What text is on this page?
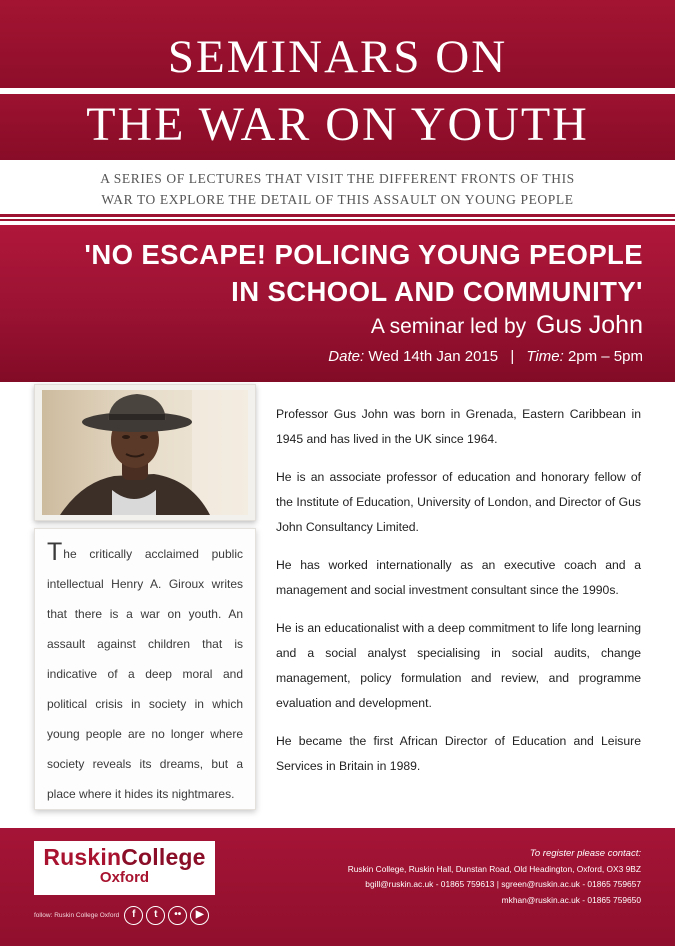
SEMINARS ON
THE WAR ON YOUTH
A SERIES OF LECTURES THAT VISIT THE DIFFERENT FRONTS OF THIS
WAR TO EXPLORE THE DETAIL OF THIS ASSAULT ON YOUNG PEOPLE
'NO ESCAPE! POLICING YOUNG PEOPLE
IN SCHOOL AND COMMUNITY'
A seminar led by Gus John
Date: Wed 14th Jan 2015 | Time: 2pm – 5pm

The critically acclaimed public intellectual Henry A. Giroux writes that there is a war on youth. An assault against children that is indicative of a deep moral and political crisis in society in which young people are no longer where society reveals its dreams, but a place where it hides its nightmares.

Professor Gus John was born in Grenada, Eastern Caribbean in 1945 and has lived in the UK since 1964.

He is an associate professor of education and honorary fellow of the Institute of Education, University of London, and Director of Gus John Consultancy Limited.

He has worked internationally as an executive coach and a management and social investment consultant since the 1990s.

He is an educationalist with a deep commitment to life long learning and a social analyst specialising in social audits, change management, policy formulation and review, and programme evaluation and development.

He became the first African Director of Education and Leisure Services in Britain in 1989.

RuskinCollege
Oxford
follow: Ruskin College Oxford	f	t	••	▶
To register please contact:
Ruskin College, Ruskin Hall, Dunstan Road, Old Headington, Oxford, OX3 9BZ
bgill@ruskin.ac.uk - 01865 759613 | sgreen@ruskin.ac.uk - 01865 759657
mkhan@ruskin.ac.uk - 01865 759650
